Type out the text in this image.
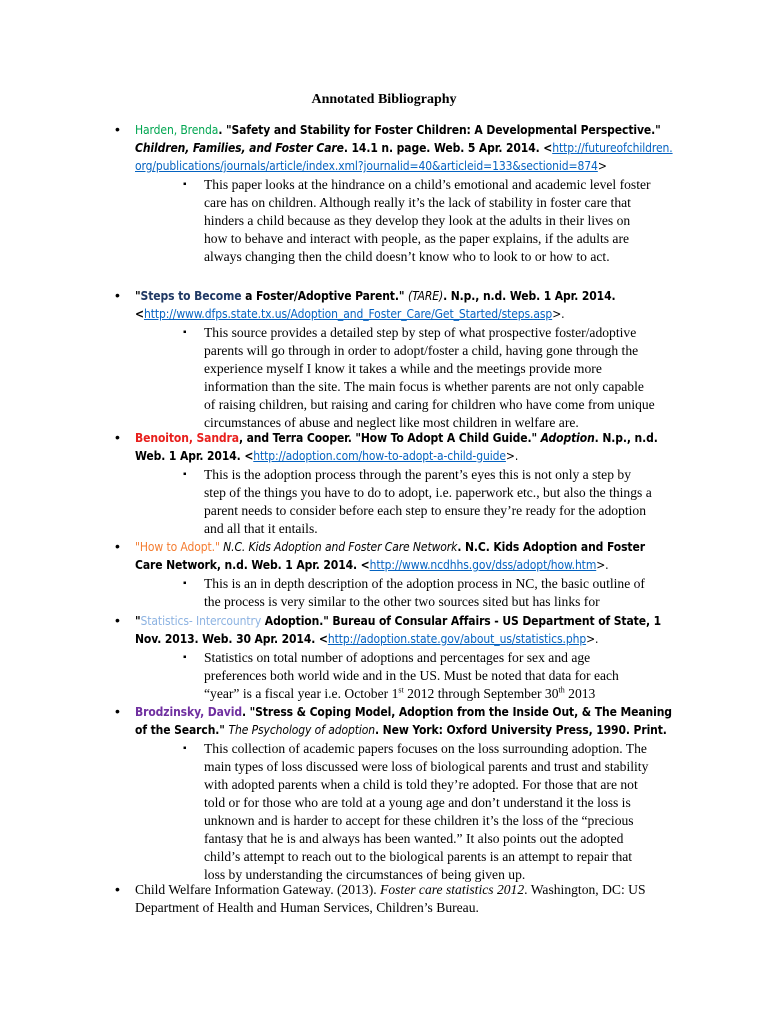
Annotated Bibliography
• Harden, Brenda. "Safety and Stability for Foster Children: A Developmental Perspective." Children, Families, and Foster Care. 14.1 n. page. Web. 5 Apr. 2014. <http://futureofchildren.org/publications/journals/article/index.xml?journalid=40&articleid=133&sectionid=874>
▪ This paper looks at the hindrance on a child’s emotional and academic level foster care has on children. Although really it’s the lack of stability in foster care that hinders a child because as they develop they look at the adults in their lives on how to behave and interact with people, as the paper explains, if the adults are always changing then the child doesn’t know who to look to or how to act.
• "Steps to Become a Foster/Adoptive Parent." (TARE). N.p., n.d. Web. 1 Apr. 2014. <http://www.dfps.state.tx.us/Adoption_and_Foster_Care/Get_Started/steps.asp>.
▪ This source provides a detailed step by step of what prospective foster/adoptive parents will go through in order to adopt/foster a child, having gone through the experience myself I know it takes a while and the meetings provide more information than the site. The main focus is whether parents are not only capable of raising children, but raising and caring for children who have come from unique circumstances of abuse and neglect like most children in welfare are.
• Benoiton, Sandra, and Terra Cooper. "How To Adopt A Child Guide." Adoption. N.p., n.d. Web. 1 Apr. 2014. <http://adoption.com/how-to-adopt-a-child-guide>.
▪ This is the adoption process through the parent’s eyes this is not only a step by step of the things you have to do to adopt, i.e. paperwork etc., but also the things a parent needs to consider before each step to ensure they’re ready for the adoption and all that it entails.
• "How to Adopt." N.C. Kids Adoption and Foster Care Network. N.C. Kids Adoption and Foster Care Network, n.d. Web. 1 Apr. 2014. <http://www.ncdhhs.gov/dss/adopt/how.htm>.
▪ This is an in depth description of the adoption process in NC, the basic outline of the process is very similar to the other two sources sited but has links for
• "Statistics- Intercountry Adoption." Bureau of Consular Affairs - US Department of State, 1 Nov. 2013. Web. 30 Apr. 2014. <http://adoption.state.gov/about_us/statistics.php>.
▪ Statistics on total number of adoptions and percentages for sex and age preferences both world wide and in the US. Must be noted that data for each “year” is a fiscal year i.e. October 1st 2012 through September 30th 2013
• Brodzinsky, David. "Stress & Coping Model, Adoption from the Inside Out, & The Meaning of the Search." The Psychology of adoption. New York: Oxford University Press, 1990. Print.
▪ This collection of academic papers focuses on the loss surrounding adoption. The main types of loss discussed were loss of biological parents and trust and stability with adopted parents when a child is told they’re adopted. For those that are not told or for those who are told at a young age and don’t understand it the loss is unknown and is harder to accept for these children it’s the loss of the “precious fantasy that he is and always has been wanted.” It also points out the adopted child’s attempt to reach out to the biological parents is an attempt to repair that loss by understanding the circumstances of being given up.
• Child Welfare Information Gateway. (2013). Foster care statistics 2012. Washington, DC: US Department of Health and Human Services, Children’s Bureau.
